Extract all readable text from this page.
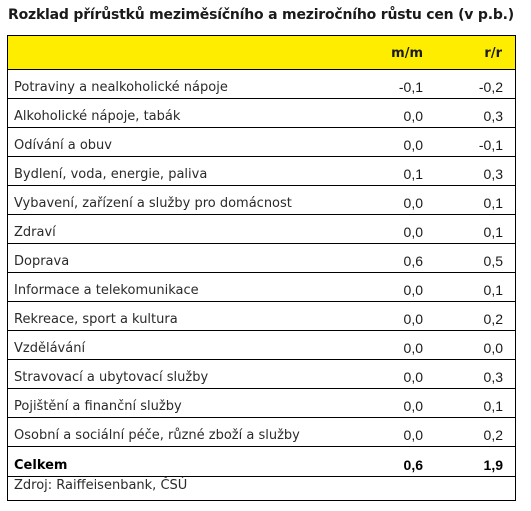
Rozklad přírůstků meziměsíčního a meziročního růstu cen (v p.b.)
m/m	r/r
Potraviny a nealkoholické nápoje	-0,1	-0,2
Alkoholické nápoje, tabák	0,0	0,3
Odívání a obuv	0,0	-0,1
Bydlení, voda, energie, paliva	0,1	0,3
Vybavení, zařízení a služby pro domácnost	0,0	0,1
Zdraví	0,0	0,1
Doprava	0,6	0,5
Informace a telekomunikace	0,0	0,1
Rekreace, sport a kultura	0,0	0,2
Vzdělávání	0,0	0,0
Stravovací a ubytovací služby	0,0	0,3
Pojištění a finanční služby	0,0	0,1
Osobní a sociální péče, různé zboží a služby	0,0	0,2
Celkem	0,6	1,9
Zdroj: Raiffeisenbank, ČSÚ
